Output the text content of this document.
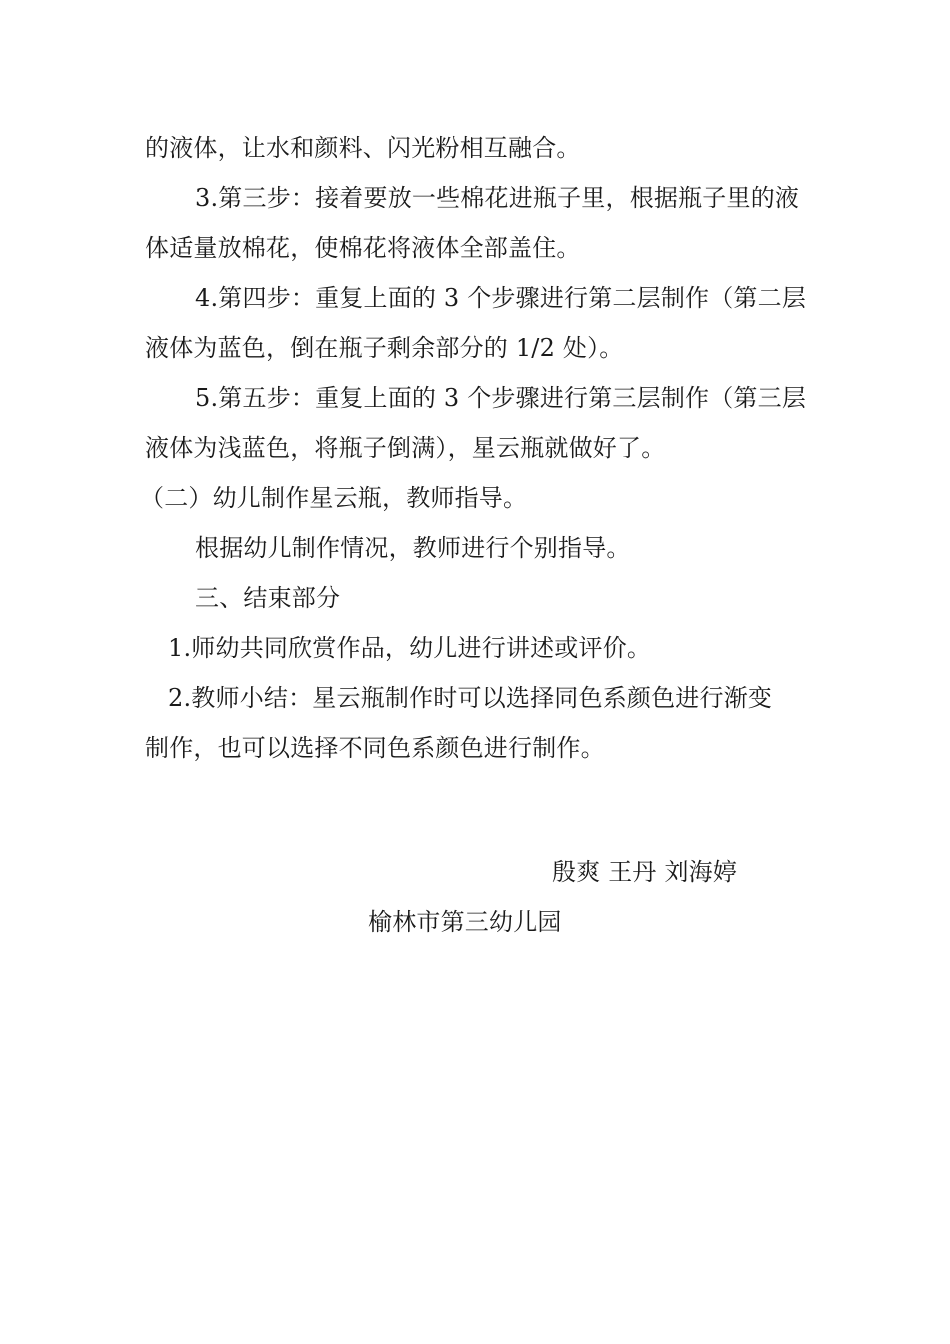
的液体，让水和颜料、闪光粉相互融合。
3.第三步：接着要放一些棉花进瓶子里，根据瓶子里的液
体适量放棉花，使棉花将液体全部盖住。
4.第四步：重复上面的 3 个步骤进行第二层制作（第二层
液体为蓝色，倒在瓶子剩余部分的 1/2 处）。
5.第五步：重复上面的 3 个步骤进行第三层制作（第三层
液体为浅蓝色，将瓶子倒满），星云瓶就做好了。
（二）幼儿制作星云瓶，教师指导。
根据幼儿制作情况，教师进行个别指导。
三、结束部分
1.师幼共同欣赏作品，幼儿进行讲述或评价。
2.教师小结：星云瓶制作时可以选择同色系颜色进行渐变
制作，也可以选择不同色系颜色进行制作。
殷爽 王丹 刘海婷
榆林市第三幼儿园
